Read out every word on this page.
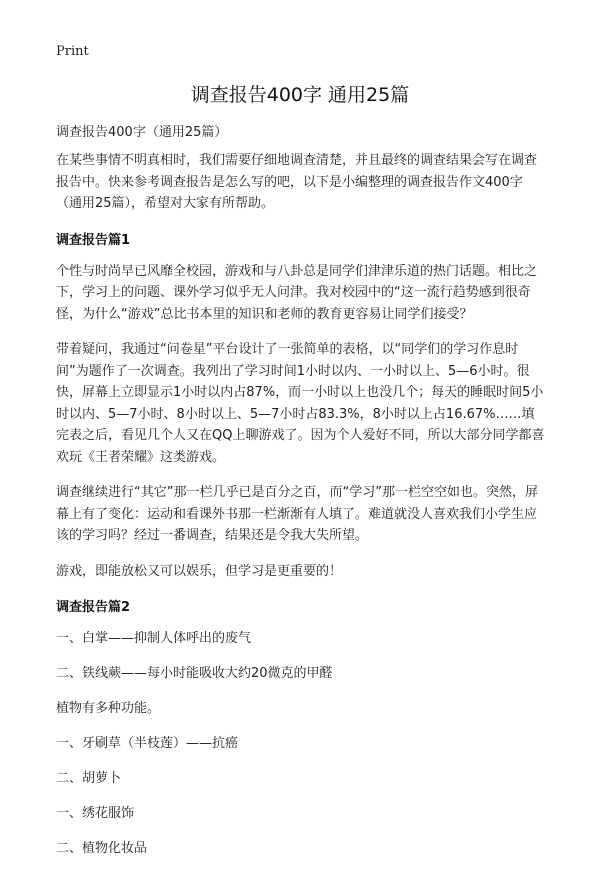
Print
调查报告400字 通用25篇

调查报告400字（通用25篇）

在某些事情不明真相时，我们需要仔细地调查清楚，并且最终的调查结果会写在调查报告中。快来参考调查报告是怎么写的吧，以下是小编整理的调查报告作文400字（通用25篇），希望对大家有所帮助。

调查报告篇1

个性与时尚早已风靡全校园，游戏和与八卦总是同学们津津乐道的热门话题。相比之下，学习上的问题、课外学习似乎无人问津。我对校园中的“这一流行趋势感到很奇怪，为什么“游戏”总比书本里的知识和老师的教育更容易让同学们接受？

带着疑问，我通过“问卷星”平台设计了一张简单的表格，以“同学们的学习作息时间”为题作了一次调查。我列出了学习时间1小时以内、一小时以上、5—6小时。很快，屏幕上立即显示1小时以内占87%，而一小时以上也没几个；每天的睡眠时间5小时以内、5—7小时、8小时以上、5—7小时占83.3%，8小时以上占16.67%……填完表之后，看见几个人又在QQ上聊游戏了。因为个人爱好不同，所以大部分同学都喜欢玩《王者荣耀》这类游戏。

调查继续进行“其它”那一栏几乎已是百分之百，而“学习”那一栏空空如也。突然，屏幕上有了变化：运动和看课外书那一栏渐渐有人填了。难道就没人喜欢我们小学生应该的学习吗？经过一番调查，结果还是令我大失所望。

游戏，即能放松又可以娱乐，但学习是更重要的！

调查报告篇2

一、白掌——抑制人体呼出的废气

二、铁线蕨——每小时能吸收大约20微克的甲醛

植物有多种功能。

一、牙刷草（半枝莲）——抗癌

二、胡萝卜

一、绣花服饰

二、植物化妆品
